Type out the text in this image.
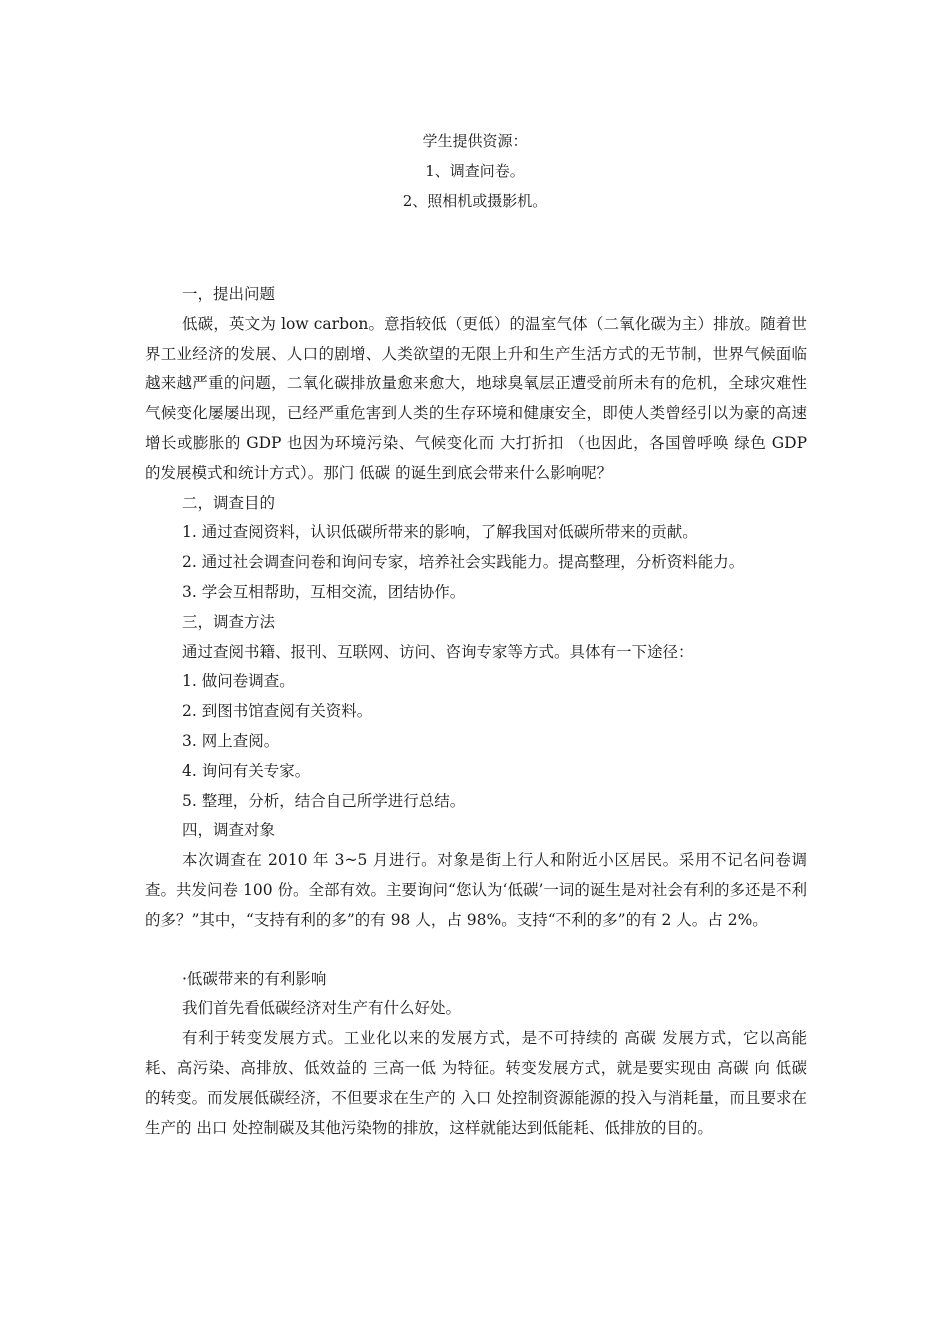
学生提供资源：
1、调查问卷。
2、照相机或摄影机。

一，提出问题

低碳，英文为 low carbon。意指较低（更低）的温室气体（二氧化碳为主）排放。随着世界工业经济的发展、人口的剧增、人类欲望的无限上升和生产生活方式的无节制，世界气候面临越来越严重的问题，二氧化碳排放量愈来愈大，地球臭氧层正遭受前所未有的危机，全球灾难性气候变化屡屡出现，已经严重危害到人类的生存环境和健康安全，即使人类曾经引以为豪的高速增长或膨胀的 GDP 也因为环境污染、气候变化而 大打折扣 （也因此，各国曾呼唤 绿色 GDP 的发展模式和统计方式）。那门 低碳 的诞生到底会带来什么影响呢？

二，调查目的

1. 通过查阅资料，认识低碳所带来的影响，了解我国对低碳所带来的贡献。

2. 通过社会调查问卷和询问专家，培养社会实践能力。提高整理，分析资料能力。

3. 学会互相帮助，互相交流，团结协作。

三，调查方法

通过查阅书籍、报刊、互联网、访问、咨询专家等方式。具体有一下途径：

1. 做问卷调查。

2. 到图书馆查阅有关资料。

3. 网上查阅。

4. 询问有关专家。

5. 整理，分析，结合自己所学进行总结。

四，调查对象

本次调查在 2010 年 3~5 月进行。对象是街上行人和附近小区居民。采用不记名问卷调查。共发问卷 100 份。全部有效。主要询问“您认为‘低碳’一词的诞生是对社会有利的多还是不利的多？”其中，“支持有利的多”的有 98 人，占 98%。支持“不利的多”的有 2 人。占 2%。

·低碳带来的有利影响

我们首先看低碳经济对生产有什么好处。

有利于转变发展方式。工业化以来的发展方式，是不可持续的 高碳 发展方式，它以高能耗、高污染、高排放、低效益的 三高一低 为特征。转变发展方式，就是要实现由 高碳 向 低碳 的转变。而发展低碳经济，不但要求在生产的 入口 处控制资源能源的投入与消耗量，而且要求在生产的 出口 处控制碳及其他污染物的排放，这样就能达到低能耗、低排放的目的。
